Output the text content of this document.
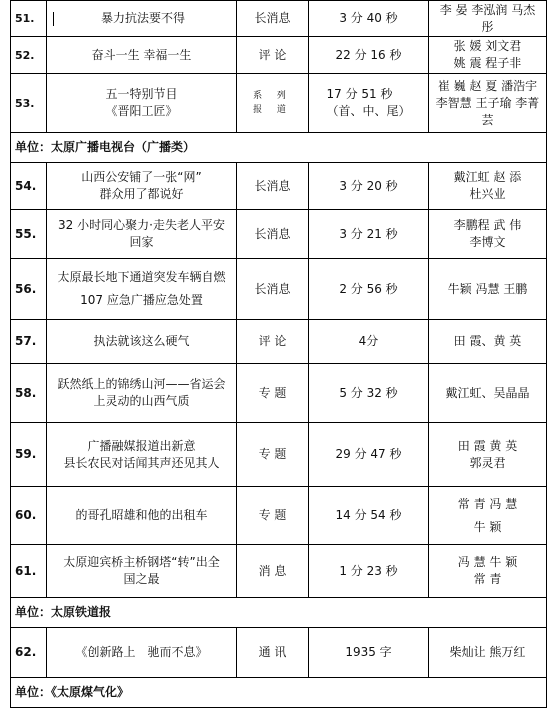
51.	暴力抗法要不得	长消息	3 分 40 秒	李 晏 李泓润 马杰
彤

52.	奋斗一生 幸福一生	评 论	22 分 16 秒	张 媛 刘文君
姚 震 程子非

53.	五一特别节目
《晋阳工匠》	系 列
报 道	17 分 51 秒（首、中、尾）	崔 巍 赵 夏 潘浩宇
李智慧 王子瑜 李菁芸

单位：太原广播电视台（广播类）				
54.	山西公安铺了一张“网”
群众用了都说好	长消息	3 分 20 秒	戴江虹 赵 添
杜兴业

55.	32 小时同心聚力·走失老人平安
回家	长消息	3 分 21 秒	李鹏程 武 伟
李博文

56.	太原最长地下通道突发车辆自燃
107 应急广播应急处置	长消息	2 分 56 秒	牛颖 冯慧 王鹏

57.	执法就该这么硬气	评 论	4分	田 霞、黄 英

58.	跃然纸上的锦绣山河——省运会
上灵动的山西气质	专 题	5 分 32 秒	戴江虹、吴晶晶

59.	广播融媒报道出新意
县长农民对话闻其声还见其人	专 题	29 分 47 秒	田 霞 黄 英
郭灵君

60.	的哥孔昭雄和他的出租车	专 题	14 分 54 秒	常 青 冯 慧
牛 颖

61.	太原迎宾桥主桥钢塔“转”出全
国之最	消 息	1 分 23 秒	冯 慧 牛 颖
常 青

单位：太原铁道报				
62.	《创新路上　驰而不息》	通 讯	1935 字	柴灿让 熊万红

单位：《太原煤气化》				
